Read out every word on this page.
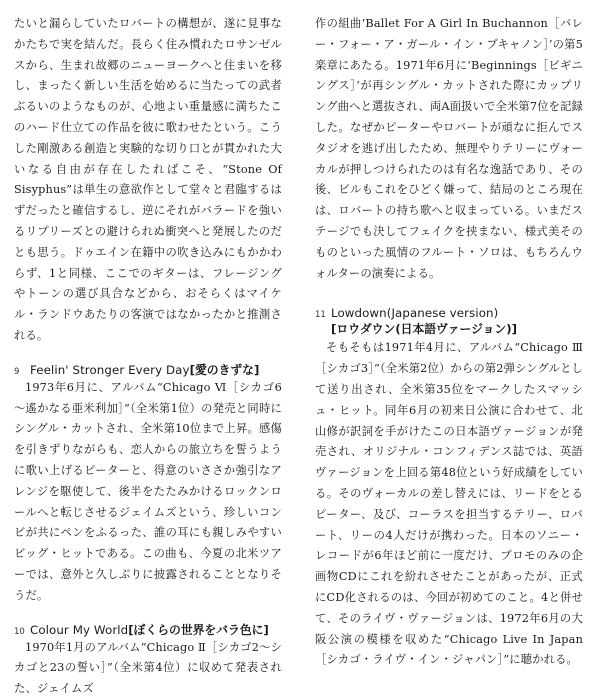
たいと漏らしていたロバートの構想が、遂に見事なかたちで実を結んだ。長らく住み慣れたロサンゼルスから、生まれ故郷のニューヨークへと住まいを移し、まったく新しい生活を始めるに当たっての武者ぶるいのようなものが、心地よい重量感に満ちたこのハード仕立ての作品を彼に歌わせたという。こうした剛激ある創造と実験的な切り口とが貫かれた大いなる自由が存在したればこそ、“Stone Of Sisyphus”は単生の意欲作として堂々と君臨するはずだったと確信するし、逆にそれがバラードを強いるリプリーズとの避けられぬ衝突へと発展したのだとも思う。ドゥエイン在籍中の吹き込みにもかかわらず、1と同様、ここでのギターは、フレージングやトーンの選び具合などから、おそらくはマイケル・ランドウあたりの客演ではなかったかと推測される。

9 Feelin' Stronger Every Day [愛のきずな]

1973年6月に、アルバム“Chicago Ⅵ［シカゴ6～遙かなる亜米利加］”（全米第1位）の発売と同時にシングル・カットされ、全米第10位まで上昇。感傷を引きずりながらも、恋人からの旅立ちを誓うように歌い上げるピーターと、得意のいささか強引なアレンジを駆使して、後半をたたみかけるロックンロールへと転じさせるジェイムズという、珍しいコンビが共にペンをふるった、誰の耳にも親しみやすいビッグ・ヒットである。この曲も、今夏の北米ツアーでは、意外と久しぶりに披露されることとなりそうだ。

10 Colour My World [ぼくらの世界をバラ色に]

1970年1月のアルバム“Chicago Ⅱ［シカゴ2～シカゴと23の誓い］”（全米第4位）に収めて発表された、ジェイムズ

作の組曲‘Ballet For A Girl In Buchannon［バレー・フォー・ア・ガール・イン・ブキャノン］’の第5楽章にあたる。1971年6月に‘Beginnings［ビギニングス］’が再シングル・カットされた際にカップリング曲へと選抜され、両A面扱いで全米第7位を記録した。なぜかピーターやロバートが頑なに拒んでスタジオを逃げ出したため、無理やりテリーにヴォーカルが押しつけられたのは有名な逸話であり、その後、ビルもこれをひどく嫌って、結局のところ現在は、ロバートの持ち歌へと収まっている。いまだステージでも決してフェイクを挟まない、様式美そのものといった風情のフルート・ソロは、もちろんウォルターの演奏による。

11 Lowdown (Japanese version)

[ロウダウン(日本語ヴァージョン)]

そもそもは1971年4月に、アルバム“Chicago Ⅲ［シカゴ3］”（全米第2位）からの第2弾シングルとして送り出され、全米第35位をマークしたスマッシュ・ヒット。同年6月の初来日公演に合わせて、北山修が訳詞を手がけたこの日本語ヴァージョンが発売され、オリジナル・コンフィデンス誌では、英語ヴァージョンを上回る第48位という好成績をしている。そのヴォーカルの差し替えには、リードをとるピーター、及び、コーラスを担当するテリー、ロバート、リーの4人だけが携わった。日本のソニー・レコードが6年ほど前に一度だけ、プロモのみの企画物CDにこれを紛れさせたことがあったが、正式にCD化されるのは、今回が初めてのこと。4と併せて、そのライヴ・ヴァージョンは、1972年6月の大阪公演の模様を収めた“Chicago Live In Japan［シカゴ・ライヴ・イン・ジャパン］”に聴かれる。
